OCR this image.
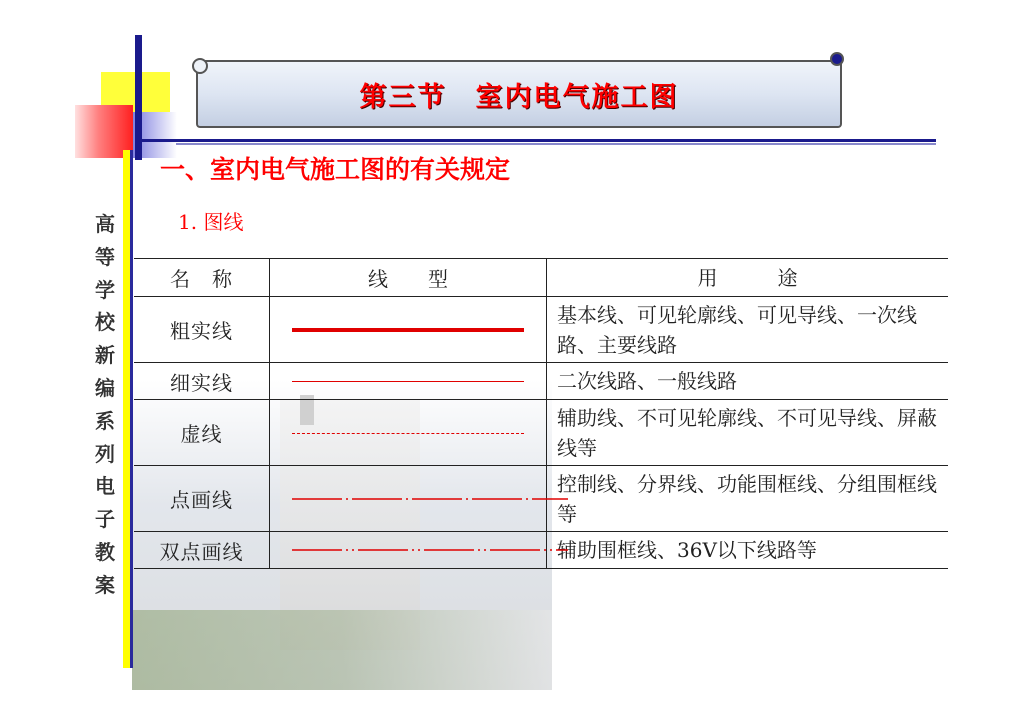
第三节　室内电气施工图
高
等
学
校
新
编
系
列
电
子
教
案
一、室内电气施工图的有关规定
1. 图线
名　称	线　　型	用　　　途
粗实线		基本线、可见轮廓线、可见导线、一次线路、主要线路
细实线		二次线路、一般线路
虚线		辅助线、不可见轮廓线、不可见导线、屏蔽线等
点画线		控制线、分界线、功能围框线、分组围框线等
双点画线		辅助围框线、36V以下线路等
